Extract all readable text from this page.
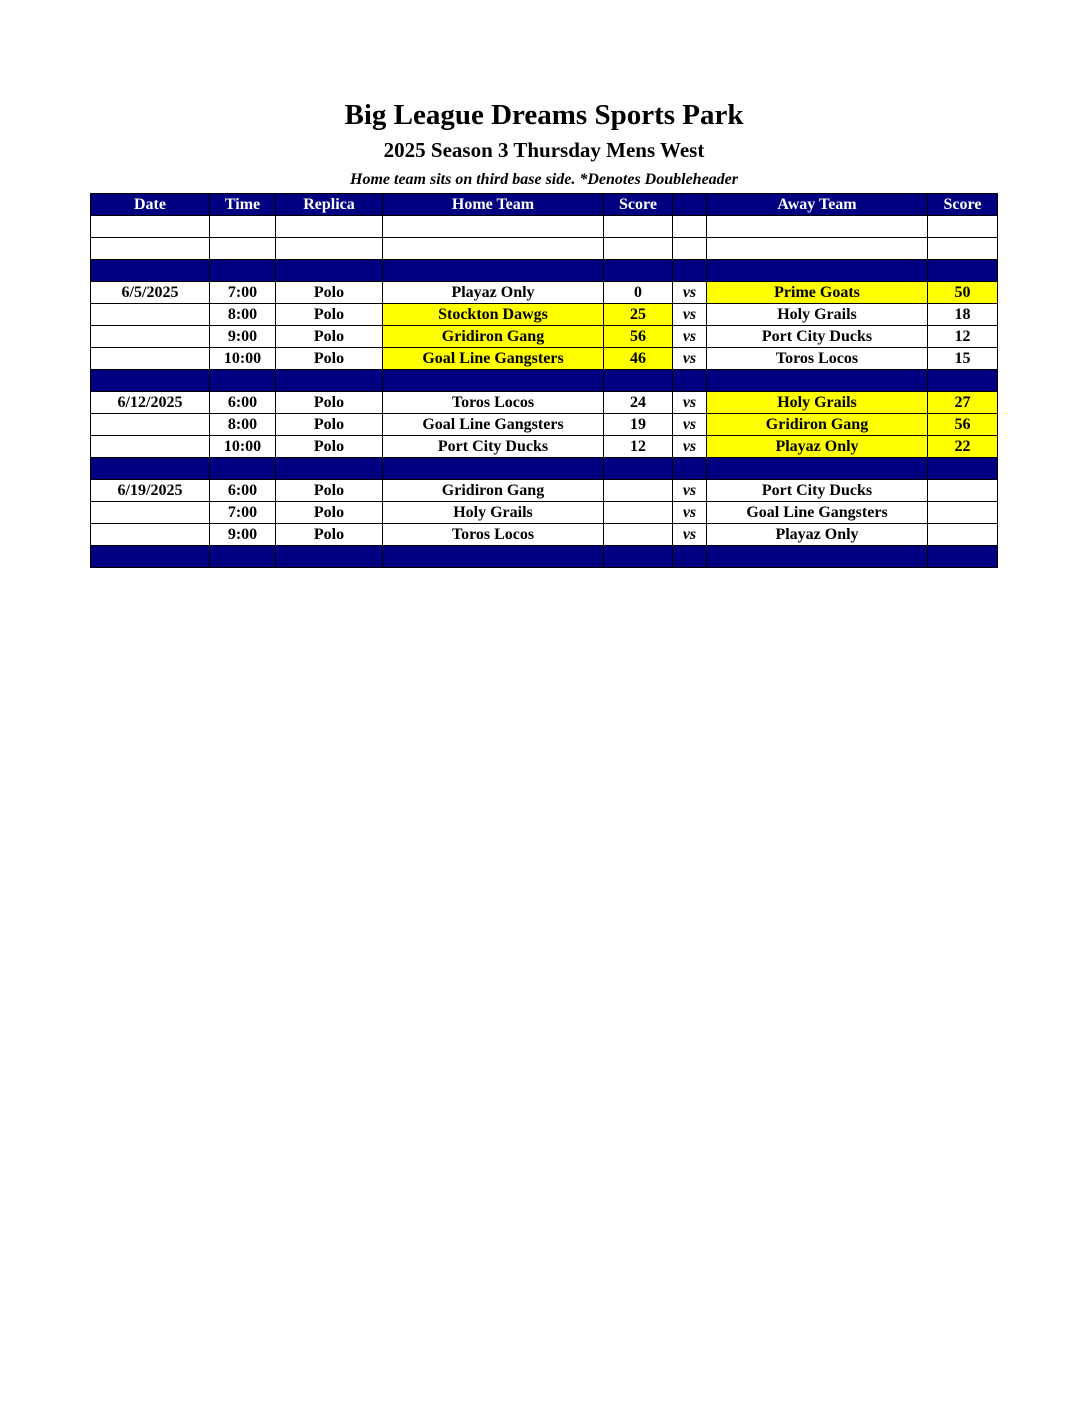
Big League Dreams Sports Park
2025 Season 3 Thursday Mens West
Home team sits on third base side. *Denotes Doubleheader
Date	Time	Replica	Home Team	Score		Away Team	Score

6/5/2025	7:00	Polo	Playaz Only	0	vs	Prime Goats	50
	8:00	Polo	Stockton Dawgs	25	vs	Holy Grails	18
	9:00	Polo	Gridiron Gang	56	vs	Port City Ducks	12
	10:00	Polo	Goal Line Gangsters	46	vs	Toros Locos	15

6/12/2025	6:00	Polo	Toros Locos	24	vs	Holy Grails	27
	8:00	Polo	Goal Line Gangsters	19	vs	Gridiron Gang	56
	10:00	Polo	Port City Ducks	12	vs	Playaz Only	22

6/19/2025	6:00	Polo	Gridiron Gang		vs	Port City Ducks	
	7:00	Polo	Holy Grails		vs	Goal Line Gangsters	
	9:00	Polo	Toros Locos		vs	Playaz Only	
